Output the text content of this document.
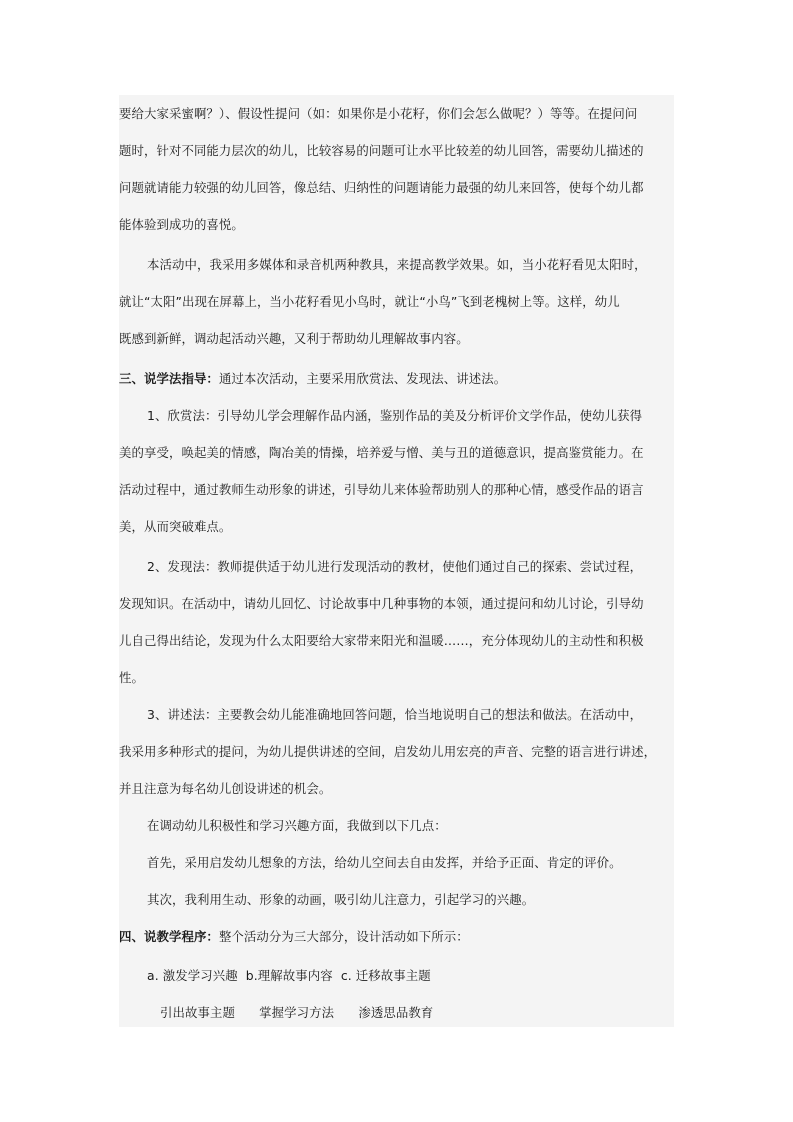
要给大家采蜜啊？）、假设性提问（如：如果你是小花籽，你们会怎么做呢？）等等。在提问问
题时，针对不同能力层次的幼儿，比较容易的问题可让水平比较差的幼儿回答，需要幼儿描述的
问题就请能力较强的幼儿回答，像总结、归纳性的问题请能力最强的幼儿来回答，使每个幼儿都
能体验到成功的喜悦。
本活动中，我采用多媒体和录音机两种教具，来提高教学效果。如，当小花籽看见太阳时，
就让“太阳”出现在屏幕上，当小花籽看见小鸟时，就让“小鸟”飞到老槐树上等。这样，幼儿
既感到新鲜，调动起活动兴趣，又利于帮助幼儿理解故事内容。
三、说学法指导：通过本次活动，主要采用欣赏法、发现法、讲述法。
1、欣赏法：引导幼儿学会理解作品内涵，鉴别作品的美及分析评价文学作品，使幼儿获得
美的享受，唤起美的情感，陶冶美的情操，培养爱与憎、美与丑的道德意识，提高鉴赏能力。在
活动过程中，通过教师生动形象的讲述，引导幼儿来体验帮助别人的那种心情，感受作品的语言
美，从而突破难点。
2、发现法：教师提供适于幼儿进行发现活动的教材，使他们通过自己的探索、尝试过程，
发现知识。在活动中，请幼儿回忆、讨论故事中几种事物的本领，通过提问和幼儿讨论，引导幼
儿自己得出结论，发现为什么太阳要给大家带来阳光和温暖……，充分体现幼儿的主动性和积极
性。
3、讲述法：主要教会幼儿能准确地回答问题，恰当地说明自己的想法和做法。在活动中，
我采用多种形式的提问，为幼儿提供讲述的空间，启发幼儿用宏亮的声音、完整的语言进行讲述，
并且注意为每名幼儿创设讲述的机会。
在调动幼儿积极性和学习兴趣方面，我做到以下几点：
首先，采用启发幼儿想象的方法，给幼儿空间去自由发挥，并给予正面、肯定的评价。
其次，我利用生动、形象的动画，吸引幼儿注意力，引起学习的兴趣。
四、说教学程序：整个活动分为三大部分，设计活动如下所示：
a. 激发学习兴趣  b.理解故事内容  c. 迁移故事主题
引出故事主题      掌握学习方法      渗透思品教育
